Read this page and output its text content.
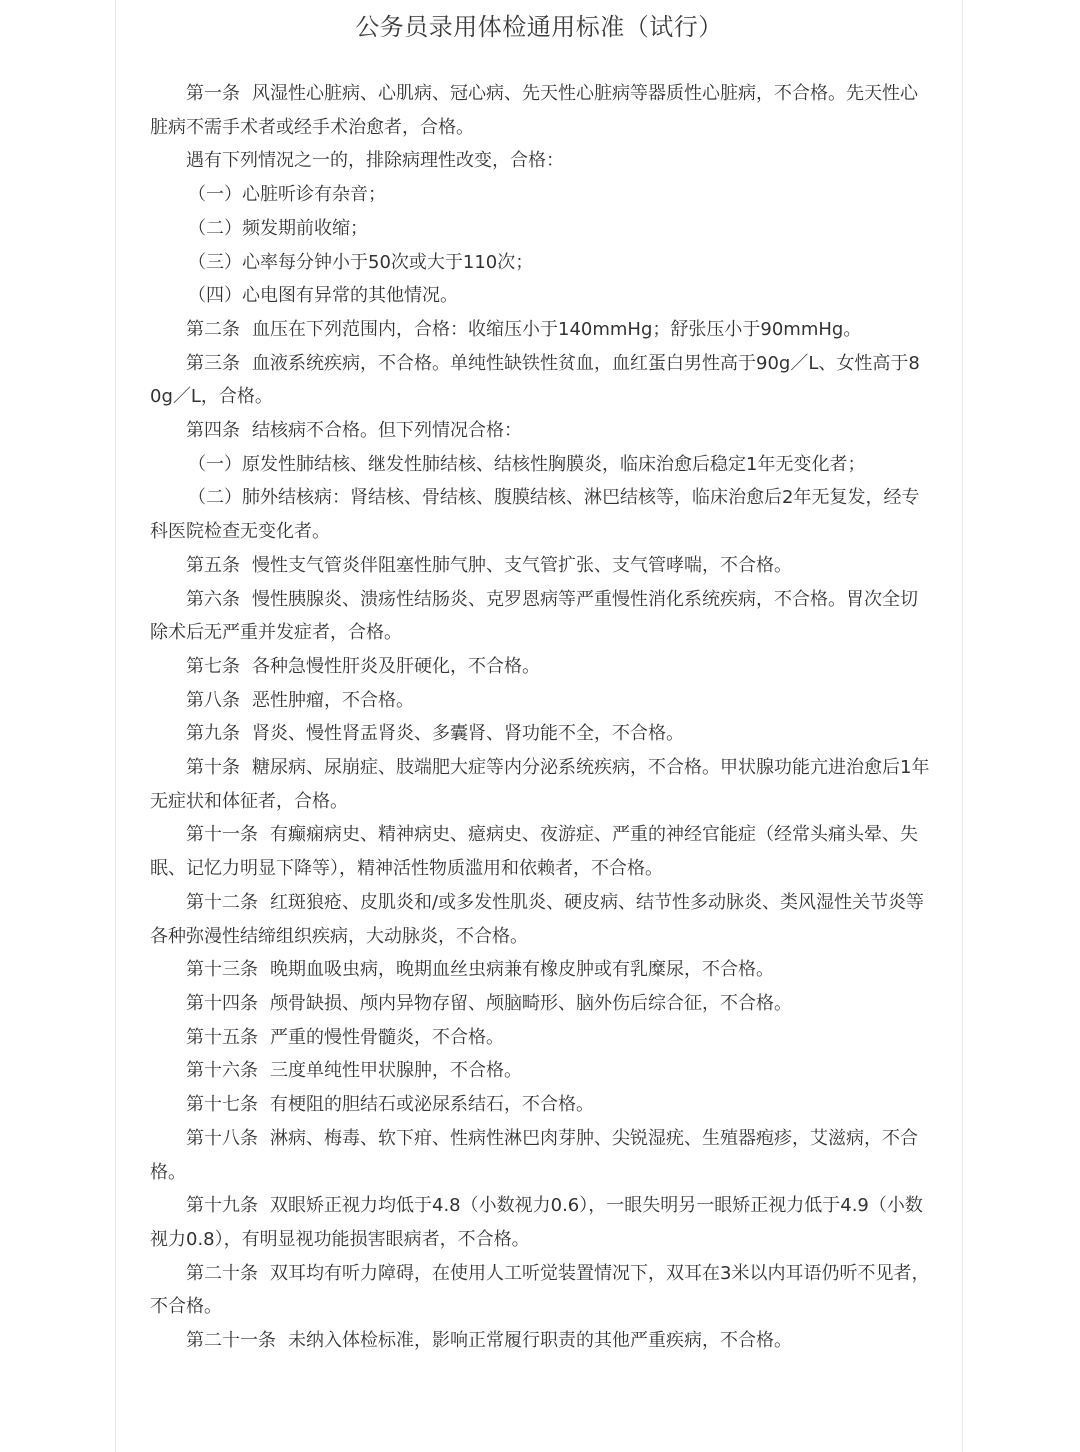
公务员录用体检通用标准（试行）

第一条 风湿性心脏病、心肌病、冠心病、先天性心脏病等器质性心脏病，不合格。先天性心脏病不需手术者或经手术治愈者，合格。

遇有下列情况之一的，排除病理性改变，合格：

（一）心脏听诊有杂音；

（二）频发期前收缩；

（三）心率每分钟小于50次或大于110次；

（四）心电图有异常的其他情况。

第二条 血压在下列范围内，合格：收缩压小于140mmHg；舒张压小于90mmHg。

第三条 血液系统疾病，不合格。单纯性缺铁性贫血，血红蛋白男性高于90g／L、女性高于80g／L，合格。

第四条 结核病不合格。但下列情况合格：

（一）原发性肺结核、继发性肺结核、结核性胸膜炎，临床治愈后稳定1年无变化者；

（二）肺外结核病：肾结核、骨结核、腹膜结核、淋巴结核等，临床治愈后2年无复发，经专科医院检查无变化者。

第五条 慢性支气管炎伴阻塞性肺气肿、支气管扩张、支气管哮喘，不合格。

第六条 慢性胰腺炎、溃疡性结肠炎、克罗恩病等严重慢性消化系统疾病，不合格。胃次全切除术后无严重并发症者，合格。

第七条 各种急慢性肝炎及肝硬化，不合格。

第八条 恶性肿瘤，不合格。

第九条 肾炎、慢性肾盂肾炎、多囊肾、肾功能不全，不合格。

第十条 糖尿病、尿崩症、肢端肥大症等内分泌系统疾病，不合格。甲状腺功能亢进治愈后1年无症状和体征者，合格。

第十一条 有癫痫病史、精神病史、癔病史、夜游症、严重的神经官能症（经常头痛头晕、失眠、记忆力明显下降等），精神活性物质滥用和依赖者，不合格。

第十二条 红斑狼疮、皮肌炎和/或多发性肌炎、硬皮病、结节性多动脉炎、类风湿性关节炎等各种弥漫性结缔组织疾病，大动脉炎，不合格。

第十三条 晚期血吸虫病，晚期血丝虫病兼有橡皮肿或有乳糜尿，不合格。

第十四条 颅骨缺损、颅内异物存留、颅脑畸形、脑外伤后综合征，不合格。

第十五条 严重的慢性骨髓炎，不合格。

第十六条 三度单纯性甲状腺肿，不合格。

第十七条 有梗阻的胆结石或泌尿系结石，不合格。

第十八条 淋病、梅毒、软下疳、性病性淋巴肉芽肿、尖锐湿疣、生殖器疱疹，艾滋病，不合格。

第十九条 双眼矫正视力均低于4.8（小数视力0.6），一眼失明另一眼矫正视力低于4.9（小数视力0.8），有明显视功能损害眼病者，不合格。

第二十条 双耳均有听力障碍，在使用人工听觉装置情况下，双耳在3米以内耳语仍听不见者，不合格。

第二十一条 未纳入体检标准，影响正常履行职责的其他严重疾病，不合格。
